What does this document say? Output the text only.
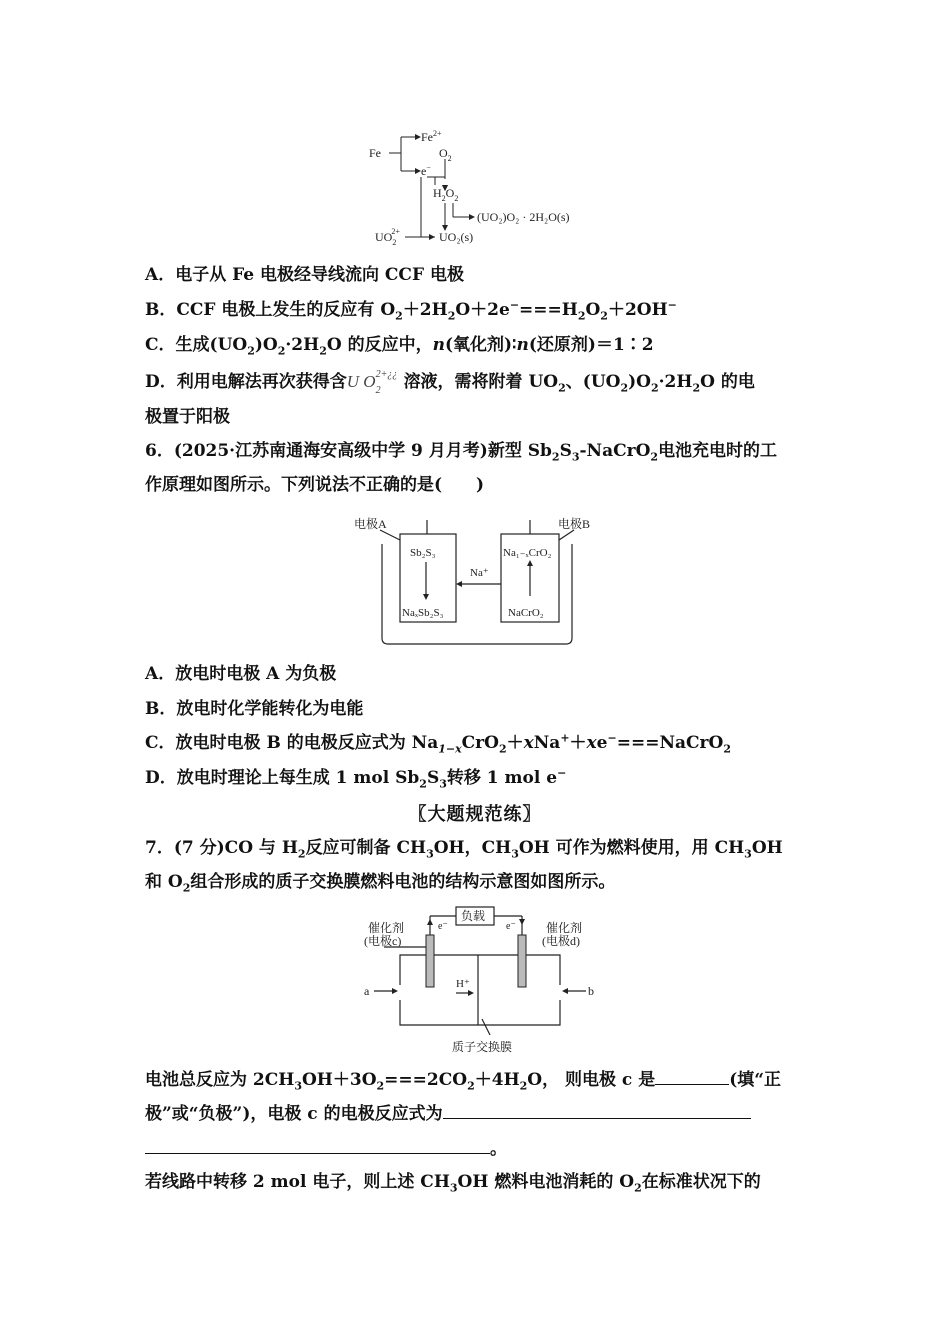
Fe
$Fe^{2+}$
e−
$O_2$
$H_2O_2$
(UO₂)O₂ · 2H₂O(s)
$UO_22+$	UO₂(s)
A．电子从 Fe 电极经导线流向 CCF 电极
B．CCF 电极上发生的反应有 $O_2+2H_2O+2e^-===H_2O_2+2OH^-$
C．生成$(UO_2)O_2\cdot 2H_2O$ 的反应中，n(氧化剂)∶n(还原剂)＝1∶2
D．利用电解法再次获得含U O 2+¿¿
2 溶液，需将附着 $UO_2$、$(UO_2)O_2\cdot 2H_2O$ 的电
极置于阳极
6．(2025·江苏南通海安高级中学 9 月月考)新型 $Sb_2S_3-NaCrO_2$电池充电时的工
作原理如图所示。下列说法不正确的是(　　)
电极A	电极B
Sb₂S₃
NaₓSb₂S₃
Na₁₋ₓCrO₂
NaCrO₂
Na⁺
A．放电时电极 A 为负极
B．放电时化学能转化为电能
C．放电时电极 B 的电极反应式为 $Na_{1-x}CrO_2+xNa^++xe^-===NaCrO_2$
D．放电时理论上每生成 1 mol $Sb_2S_3$转移 1 mol e−
〖大题规范练〗
7．(7 分)CO 与 $H_2$反应可制备 $CH_3OH$，$CH_3OH$ 可作为燃料使用，用 $CH_3OH$
和 $O_2$组合形成的质子交换膜燃料电池的结构示意图如图所示。
负载
催化剂
(电极c)
催化剂
(电极d)
e⁻	e⁻
H⁺
a	b
质子交换膜
电池总反应为 $2CH_3OH+3O_2===2CO_2+4H_2O$， 则电极 c 是	(填“正
极”或“负极”)，电极 c 的电极反应式为
。
若线路中转移 2 mol 电子，则上述 $CH_3OH$ 燃料电池消耗的 $O_2$在标准状况下的
